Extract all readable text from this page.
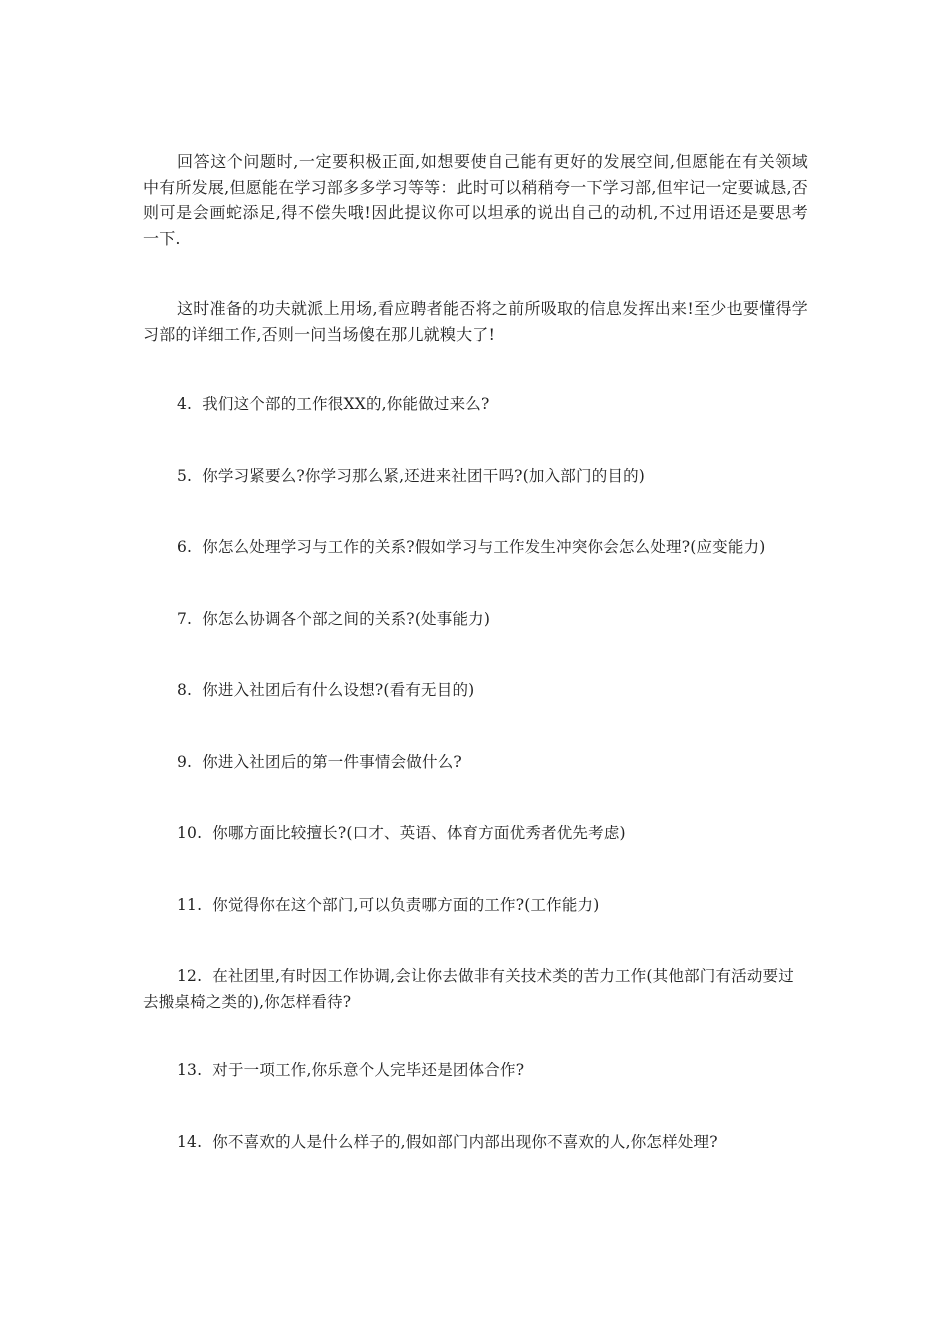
回答这个问题时,一定要积极正面,如想要使自己能有更好的发展空间,但愿能在有关领域中有所发展,但愿能在学习部多多学习等等：此时可以稍稍夸一下学习部,但牢记一定要诚恳,否则可是会画蛇添足,得不偿失哦!因此提议你可以坦承的说出自己的动机,不过用语还是要思考一下.

这时准备的功夫就派上用场,看应聘者能否将之前所吸取的信息发挥出来!至少也要懂得学习部的详细工作,否则一问当场傻在那儿就糗大了!

4. 我们这个部的工作很XX的,你能做过来么?

5. 你学习紧要么?你学习那么紧,还进来社团干吗?(加入部门的目的)

6. 你怎么处理学习与工作的关系?假如学习与工作发生冲突你会怎么处理?(应变能力)

7. 你怎么协调各个部之间的关系?(处事能力)

8. 你进入社团后有什么设想?(看有无目的)

9. 你进入社团后的第一件事情会做什么?

10. 你哪方面比较擅长?(口才、英语、体育方面优秀者优先考虑)

11. 你觉得你在这个部门,可以负责哪方面的工作?(工作能力)

12. 在社团里,有时因工作协调,会让你去做非有关技术类的苦力工作(其他部门有活动要过去搬桌椅之类的),你怎样看待?

13. 对于一项工作,你乐意个人完毕还是团体合作?

14. 你不喜欢的人是什么样子的,假如部门内部出现你不喜欢的人,你怎样处理?
